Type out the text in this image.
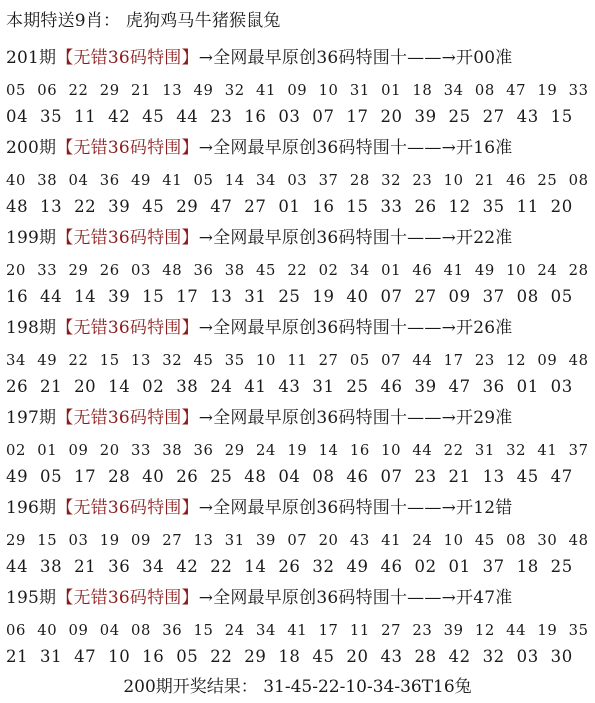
本期特送9肖： 虎狗鸡马牛猪猴鼠兔
201期【无错36码特围】→全网最早原创36码特围十——→开00准
05 06 22 29 21 13 49 32 41 09 10 31 01 18 34 08 47 19 33
04 35 11 42 45 44 23 16 03 07 17 20 39 25 27 43 15
200期【无错36码特围】→全网最早原创36码特围十——→开16准
40 38 04 36 49 41 05 14 34 03 37 28 32 23 10 21 46 25 08
48 13 22 39 45 29 47 27 01 16 15 33 26 12 35 11 20
199期【无错36码特围】→全网最早原创36码特围十——→开22准
20 33 29 26 03 48 36 38 45 22 02 34 01 46 41 49 10 24 28
16 44 14 39 15 17 13 31 25 19 40 07 27 09 37 08 05
198期【无错36码特围】→全网最早原创36码特围十——→开26准
34 49 22 15 13 32 45 35 10 11 27 05 07 44 17 23 12 09 48
26 21 20 14 02 38 24 41 43 31 25 46 39 47 36 01 03
197期【无错36码特围】→全网最早原创36码特围十——→开29准
02 01 09 20 33 38 36 29 24 19 14 16 10 44 22 31 32 41 37
49 05 17 28 40 26 25 48 04 08 46 07 23 21 13 45 47
196期【无错36码特围】→全网最早原创36码特围十——→开12错
29 15 03 19 09 27 13 31 39 07 20 43 41 24 10 45 08 30 48
44 38 21 36 34 42 22 14 26 32 49 46 02 01 37 18 25
195期【无错36码特围】→全网最早原创36码特围十——→开47准
06 40 09 04 08 36 15 24 34 41 17 11 27 23 39 12 44 19 35
21 31 47 10 16 05 22 29 18 45 20 43 28 42 32 03 30
200期开奖结果： 31-45-22-10-34-36T16兔
